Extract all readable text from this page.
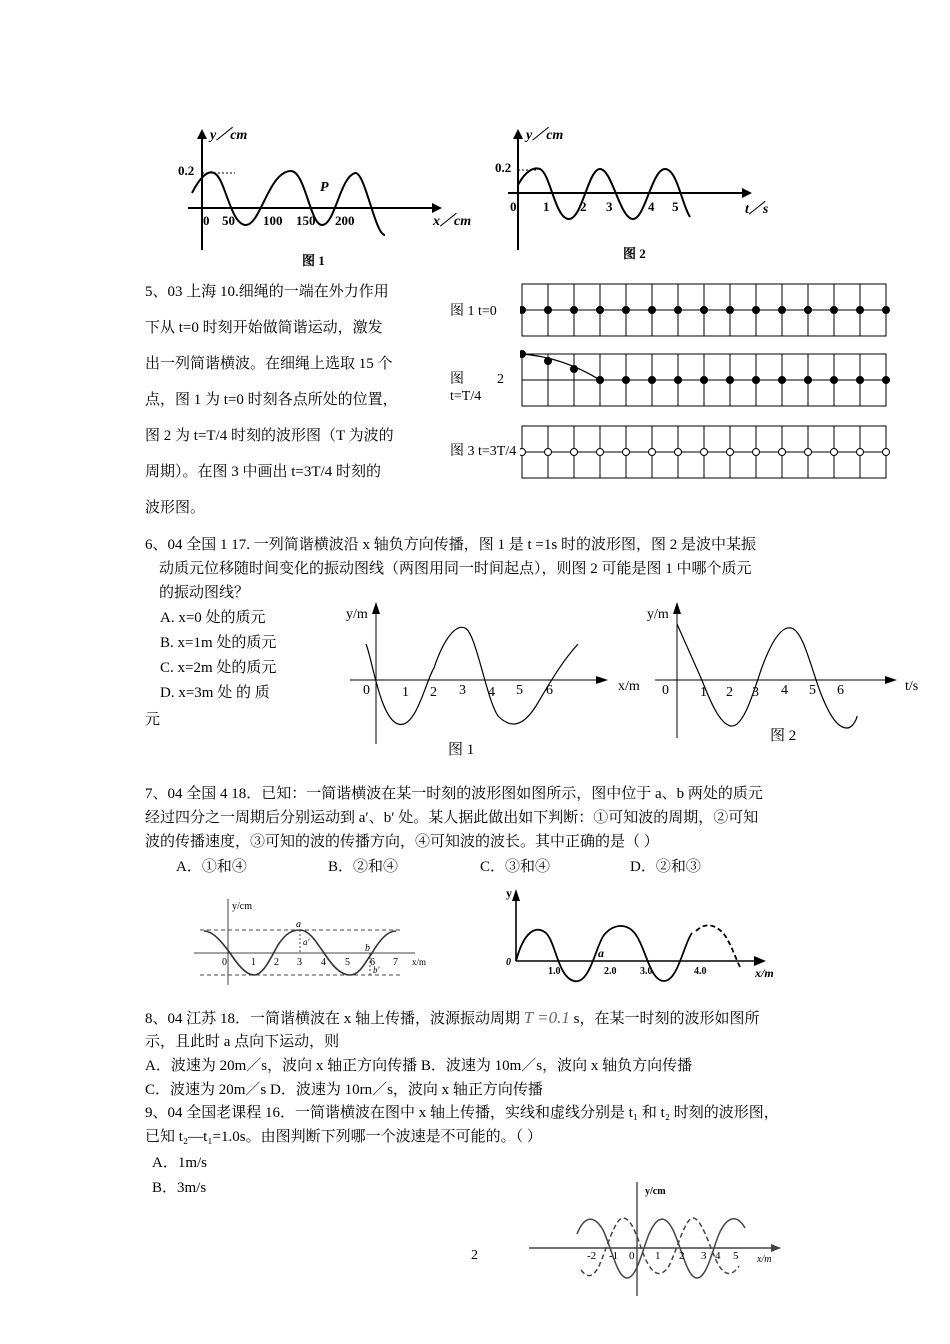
y／cm
0.2
P
0 50 100 150 200	x／cm
图 1
y／cm
0.2
0 1 2 3	4 5	t／s
图 2
5、03 上海 10.细绳的一端在外力作用
下从 t=0 时刻开始做简谐运动，激发
出一列简谐横波。在细绳上选取 15 个
点，图 1 为 t=0 时刻各点所处的位置，
图 2 为 t=T/4 时刻的波形图（T 为波的
周期）。在图 3 中画出 t=3T/4 时刻的
波形图。
图 1 t=0
图 2
t=T/4
图 3 t=3T/4
6、04 全国 1 17. 一列简谐横波沿 x 轴负方向传播，图 1 是 t =1s 时的波形图，图 2 是波中某振
动质元位移随时间变化的振动图线（两图用同一时间起点），则图 2 可能是图 1 中哪个质元
的振动图线？
A. x=0 处的质元
B. x=1m 处的质元
C. x=2m 处的质元
D. x=3m 处 的 质
元
y/m
0 1 2 3 4 5 6
图 1
y/m
x/m 0 1 2 3 4 5 6	t/s
图 2
7、04 全国 4 18．已知：一简谐横波在某一时刻的波形图如图所示，图中位于 a、b 两处的质元
经过四分之一周期后分别运动到 a′、b′ 处。某人据此做出如下判断：①可知波的周期，②可知
波的传播速度，③可知的波的传播方向，④可知波的波长。其中正确的是（ ）
A．①和④	B．②和④	C．③和④	D．②和③
y/cm
a
a′
b
b′
0 1 2 3 4 5 6 7 x/m
y
0
a
1.0	2.0 3.0	4.0	x/m
8、04 江苏 18．一简谐横波在 x 轴上传播，波源振动周期 T =0.1 s，在某一时刻的波形如图所
示，且此时 a 点向下运动，则
A．波速为 20m／s，波向 x 轴正方向传播 B．波速为 10m／s，波向 x 轴负方向传播
C．波速为 20m／s D．波速为 10rn／s，波向 x 轴正方向传播
9、04 全国老课程 16．一简谐横波在图中 x 轴上传播，实线和虚线分别是 t₁ 和 t₂ 时刻的波形图，
已知 t₂—t₁=1.0s。由图判断下列哪一个波速是不可能的。（ ）
A．1m/s
B．3m/s	y/cm
-2 -1 0 1 2 3 4 5 x/m
2
